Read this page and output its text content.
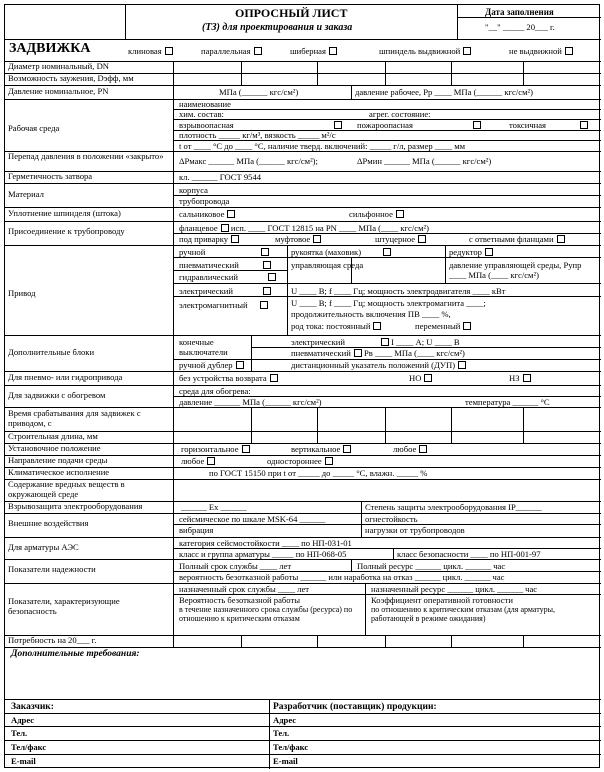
ОПРОСНЫЙ ЛИСТ
(ТЗ) для проектирования и заказа
Дата заполнения
"__" _____ 20___ г.
ЗАДВИЖКА	клиновая	параллельная	шиберная	шпиндель выдвижной	не выдвижной
Диаметр номинальный, DN
Возможность заужения, Dэфф, мм
Давление номинальное, PN	МПа (______ кгс/см²)	давление рабочее, Pр ____ МПа (______ кгс/см²)
Рабочая среда
наименование
хим. состав:	агрег. состояние:
взрывоопасная	пожароопасная	токсичная
плотность _____ кг/м³, вязкость _____ м²/с
t от ____ °С до ____ °С, наличие тверд. включений: _____ г/л, размер ____ мм
Перепад давления в положении «закрыто»	ΔPмакс ______ МПа (______ кгс/см²);	ΔPмин ______ МПа (______ кгс/см²)
Герметичность затвора	кл. ______ ГОСТ 9544
Материал	корпуса
трубопровода
Уплотнение шпинделя (штока)	сальниковое	сильфонное
Присоединение к трубопроводу	фланцевое исп. ____ ГОСТ 12815 на PN ____ МПа (____ кгс/см²)
под приварку	муфтовое	штуцерное	с ответными фланцами
Привод
ручной	рукоятка (маховик)	редуктор
пневматический	управляющая среда	давление управляющей среды, Pупр ____ МПа (____ кгс/см²)
гидравлический
электрический	U ____ В; f ____ Гц; мощность электродвигателя ____ кВт
электромагнитный	U ____ В; f ____ Гц; мощность электромагнита ____;
продолжительность включения ПВ ____ %,
род тока: постоянный	переменный
Дополнительные блоки
конечные выключатели
электрический	I ____ А; U ____ В
пневматический Pв ____ МПа (____ кгс/см²)
ручной дублер	дистанционный указатель положений (ДУП)
Для пневмо- или гидропривода	без устройства возврата	НО	НЗ
Для задвижки с обогревом	среда для обогрева:
давление ______ МПа (______ кгс/см²)	температура ______ °С
Время срабатывания для задвижек с приводом, с
Строительная длина, мм
Установочное положение	горизонтальное	вертикальное	любое
Направление подачи среды	любое	одностороннее
Климатическое исполнение	по ГОСТ 15150 при t от _____ до _____ °С, влажн. _____ %
Содержание вредных веществ в окружающей среде
Взрывозащита электрооборудования	______ Ex ______	Степень защиты электрооборудования IP______
Внешние воздействия	сейсмическое по шкале MSK-64 ______	огнестойкость
вибрация	нагрузки от трубопроводов
Для арматуры АЭС	категория сейсмостойкости ____ по НП-031-01
класс и группа арматуры _____ по НП-068-05	класс безопасности ____ по НП-001-97
Показатели надежности	Полный срок службы ____ лет	Полный ресурс ______ цикл. ______ час
вероятность безотказной работы ______ или наработка на отказ ______ цикл. ______ час
Показатели, характеризующие безопасность
назначенный срок службы ____ лет	назначенный ресурс ______ цикл. ______ час
Вероятность безотказной работы
в течение назначенного срока службы (ресурса) по отношению к критическим отказам
Коэффициент оперативной готовности
по отношению к критическим отказам (для арматуры, работающей в режиме ожидания)
Потребность на 20___ г.
Дополнительные требования:
Заказчик:	Разработчик (поставщик) продукции:
Адрес	Адрес
Тел.	Тел.
Тел/факс	Тел/факс
E-mail	E-mail
